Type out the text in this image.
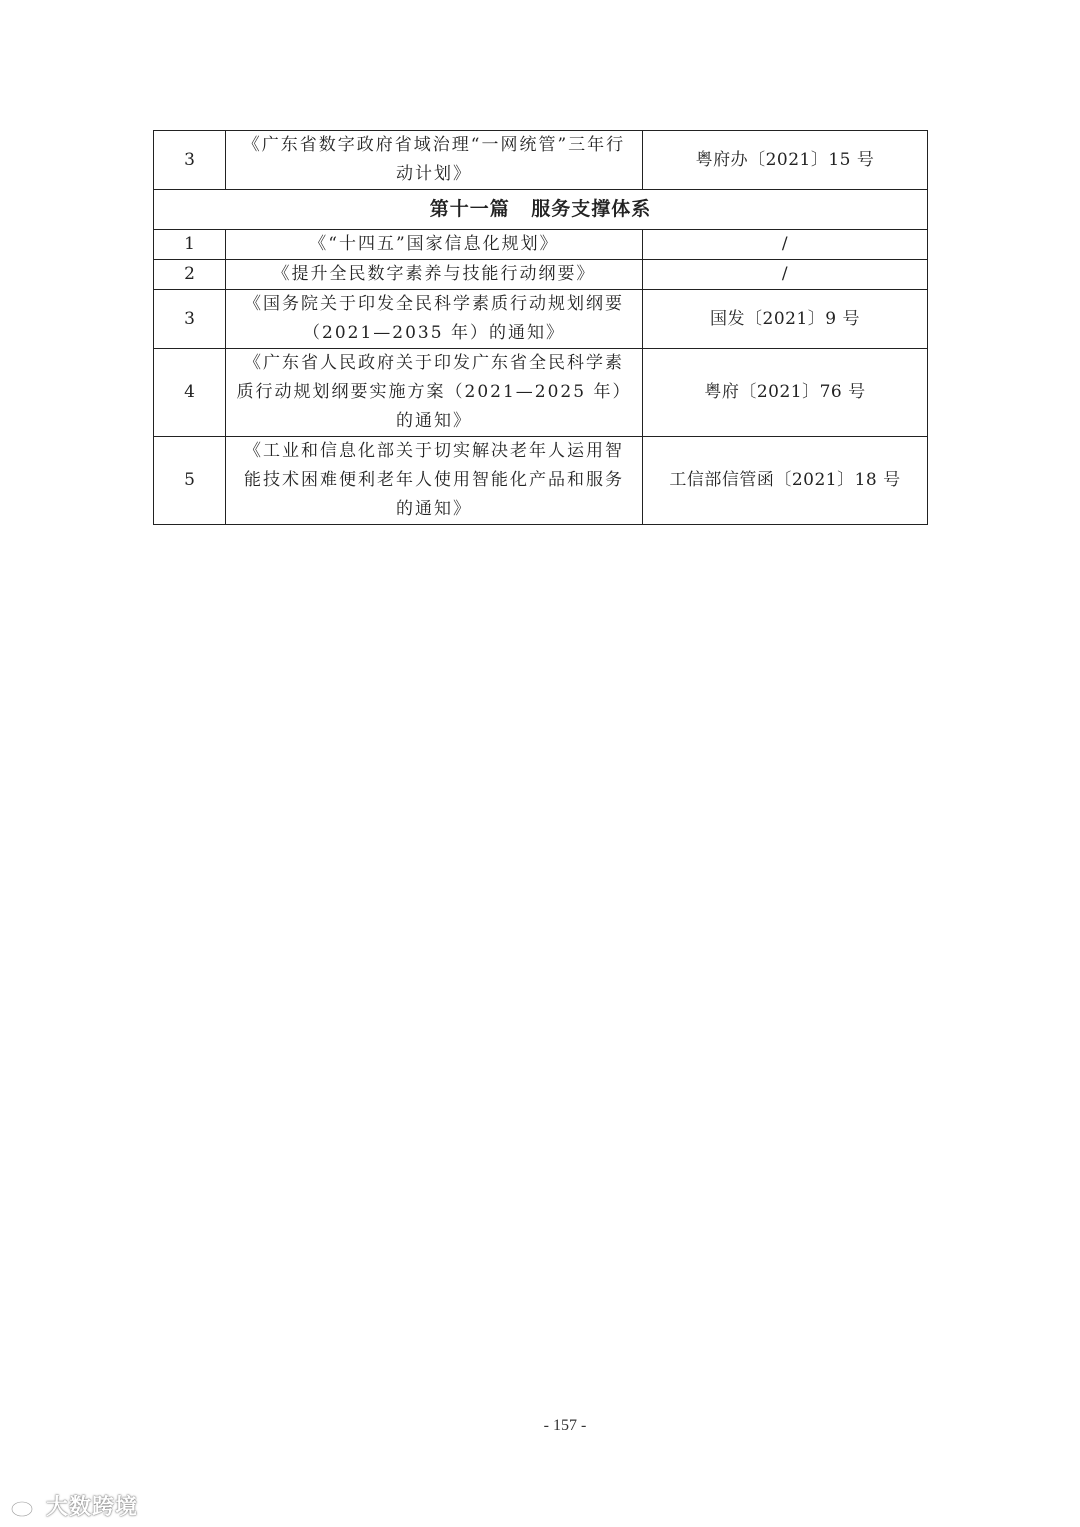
3	《广东省数字政府省域治理“一网统管”三年行动计划》	粤府办〔2021〕15 号
第十一篇 服务支撑体系		
1	《“十四五”国家信息化规划》	/
2	《提升全民数字素养与技能行动纲要》	/
3	《国务院关于印发全民科学素质行动规划纲要（2021—2035 年）的通知》	国发〔2021〕9 号
4	《广东省人民政府关于印发广东省全民科学素质行动规划纲要实施方案（2021—2025 年）的通知》	粤府〔2021〕76 号
5	《工业和信息化部关于切实解决老年人运用智能技术困难便利老年人使用智能化产品和服务的通知》	工信部信管函〔2021〕18 号
- 157 -
大数跨境
